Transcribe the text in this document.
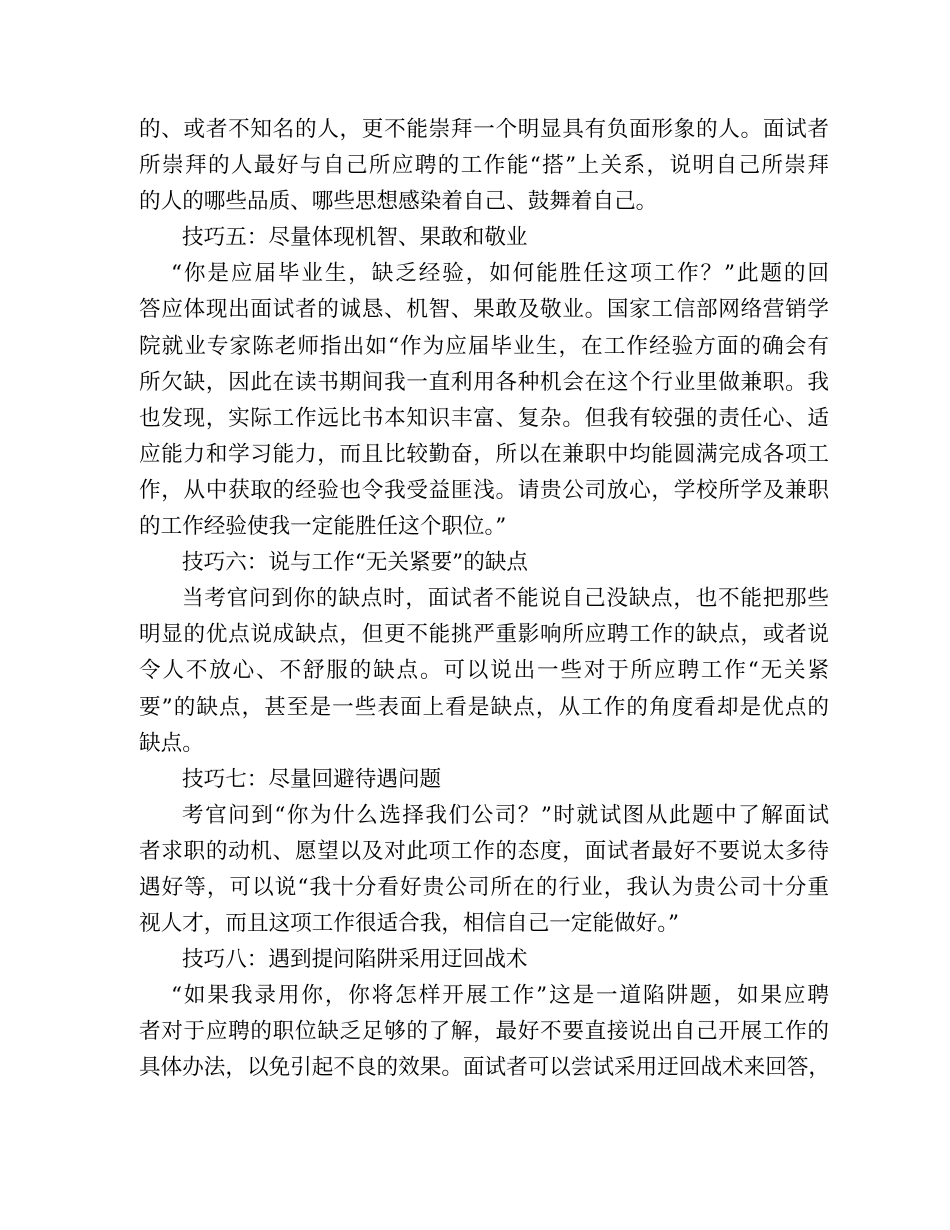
的、或者不知名的人，更不能崇拜一个明显具有负面形象的人。面试者
所崇拜的人最好与自己所应聘的工作能“搭”上关系，说明自己所崇拜
的人的哪些品质、哪些思想感染着自己、鼓舞着自己。
技巧五：尽量体现机智、果敢和敬业
“你是应届毕业生，缺乏经验，如何能胜任这项工作？”此题的回
答应体现出面试者的诚恳、机智、果敢及敬业。国家工信部网络营销学
院就业专家陈老师指出如“作为应届毕业生，在工作经验方面的确会有
所欠缺，因此在读书期间我一直利用各种机会在这个行业里做兼职。我
也发现，实际工作远比书本知识丰富、复杂。但我有较强的责任心、适
应能力和学习能力，而且比较勤奋，所以在兼职中均能圆满完成各项工
作，从中获取的经验也令我受益匪浅。请贵公司放心，学校所学及兼职
的工作经验使我一定能胜任这个职位。”
技巧六：说与工作“无关紧要”的缺点
当考官问到你的缺点时，面试者不能说自己没缺点，也不能把那些
明显的优点说成缺点，但更不能挑严重影响所应聘工作的缺点，或者说
令人不放心、不舒服的缺点。可以说出一些对于所应聘工作“无关紧
要”的缺点，甚至是一些表面上看是缺点，从工作的角度看却是优点的
缺点。
技巧七：尽量回避待遇问题
考官问到“你为什么选择我们公司？”时就试图从此题中了解面试
者求职的动机、愿望以及对此项工作的态度，面试者最好不要说太多待
遇好等，可以说“我十分看好贵公司所在的行业，我认为贵公司十分重
视人才，而且这项工作很适合我，相信自己一定能做好。”
技巧八：遇到提问陷阱采用迂回战术
“如果我录用你，你将怎样开展工作”这是一道陷阱题，如果应聘
者对于应聘的职位缺乏足够的了解，最好不要直接说出自己开展工作的
具体办法，以免引起不良的效果。面试者可以尝试采用迂回战术来回答，
